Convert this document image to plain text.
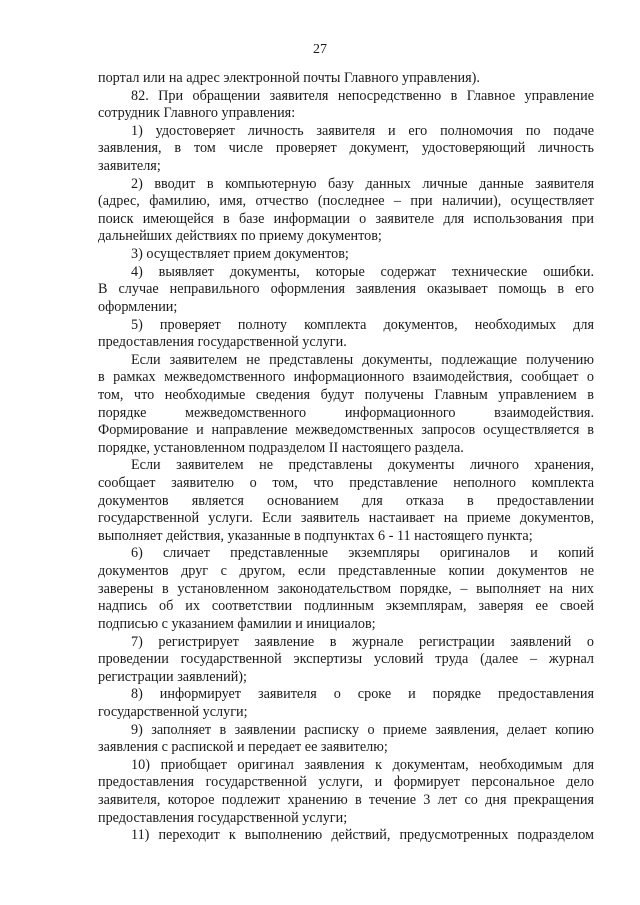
27
портал или на адрес электронной почты Главного управления).
82. При обращении заявителя непосредственно в Главное управление
сотрудник Главного управления:
1) удостоверяет личность заявителя и его полномочия по подаче
заявления, в том числе проверяет документ, удостоверяющий личность
заявителя;
2) вводит в компьютерную базу данных личные данные заявителя
(адрес, фамилию, имя, отчество (последнее – при наличии), осуществляет
поиск имеющейся в базе информации о заявителе для использования при
дальнейших действиях по приему документов;
3) осуществляет прием документов;
4) выявляет документы, которые содержат технические ошибки.
В случае неправильного оформления заявления оказывает помощь в его
оформлении;
5) проверяет полноту комплекта документов, необходимых для
предоставления государственной услуги.
Если заявителем не представлены документы, подлежащие получению
в рамках межведомственного информационного взаимодействия, сообщает о
том, что необходимые сведения будут получены Главным управлением в
порядке межведомственного информационного взаимодействия.
Формирование и направление межведомственных запросов осуществляется в
порядке, установленном подразделом II настоящего раздела.
Если заявителем не представлены документы личного хранения,
сообщает заявителю о том, что представление неполного комплекта
документов является основанием для отказа в предоставлении
государственной услуги. Если заявитель настаивает на приеме документов,
выполняет действия, указанные в подпунктах 6 - 11 настоящего пункта;
6) сличает представленные экземпляры оригиналов и копий
документов друг с другом, если представленные копии документов не
заверены в установленном законодательством порядке, – выполняет на них
надпись об их соответствии подлинным экземплярам, заверяя ее своей
подписью с указанием фамилии и инициалов;
7) регистрирует заявление в журнале регистрации заявлений о
проведении государственной экспертизы условий труда (далее – журнал
регистрации заявлений);
8) информирует заявителя о сроке и порядке предоставления
государственной услуги;
9) заполняет в заявлении расписку о приеме заявления, делает копию
заявления с распиской и передает ее заявителю;
10) приобщает оригинал заявления к документам, необходимым для
предоставления государственной услуги, и формирует персональное дело
заявителя, которое подлежит хранению в течение 3 лет со дня прекращения
предоставления государственной услуги;
11) переходит к выполнению действий, предусмотренных подразделом
